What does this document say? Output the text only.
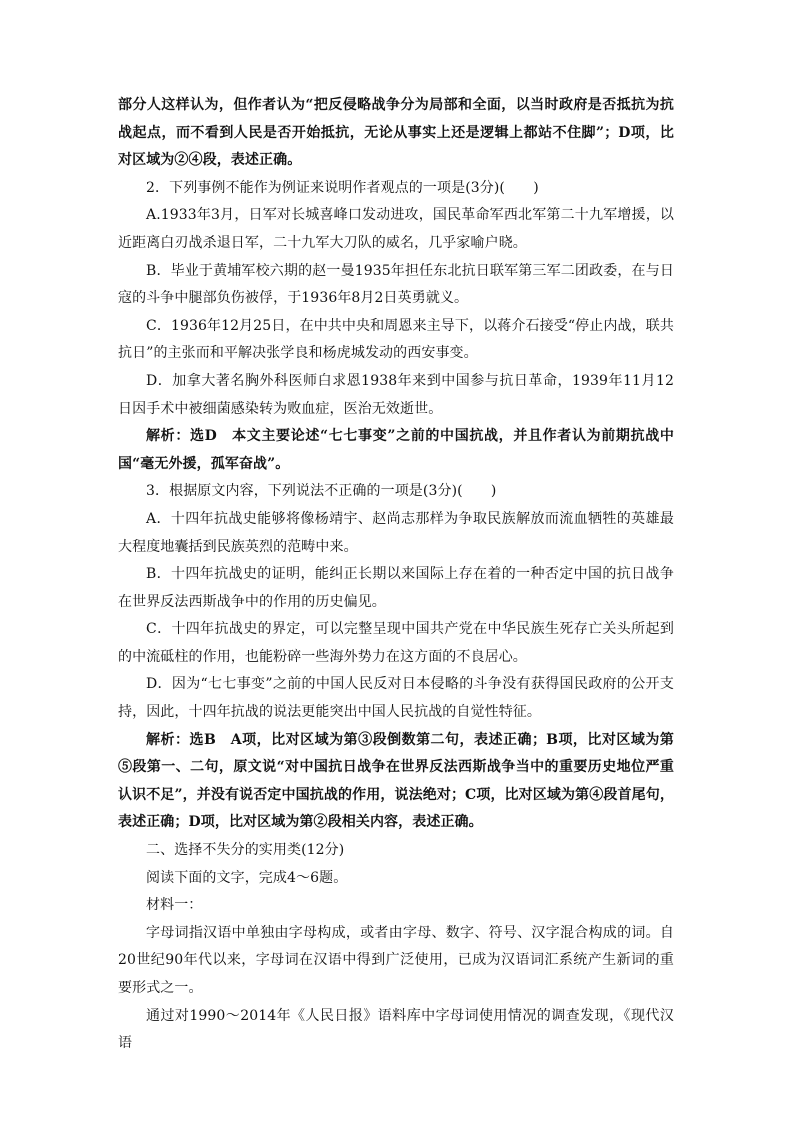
部分人这样认为，但作者认为“把反侵略战争分为局部和全面，以当时政府是否抵抗为抗战起点，而不看到人民是否开始抵抗，无论从事实上还是逻辑上都站不住脚”；D项，比对区域为②④段，表述正确。

2．下列事例不能作为例证来说明作者观点的一项是(3分)(　　)

A.1933年3月，日军对长城喜峰口发动进攻，国民革命军西北军第二十九军增援，以近距离白刃战杀退日军，二十九军大刀队的威名，几乎家喻户晓。

B．毕业于黄埔军校六期的赵一曼1935年担任东北抗日联军第三军二团政委，在与日寇的斗争中腿部负伤被俘，于1936年8月2日英勇就义。

C．1936年12月25日，在中共中央和周恩来主导下，以蒋介石接受“停止内战，联共抗日”的主张而和平解决张学良和杨虎城发动的西安事变。

D．加拿大著名胸外科医师白求恩1938年来到中国参与抗日革命，1939年11月12日因手术中被细菌感染转为败血症，医治无效逝世。

解析：选D　本文主要论述“七七事变”之前的中国抗战，并且作者认为前期抗战中国“毫无外援，孤军奋战”。

3．根据原文内容，下列说法不正确的一项是(3分)(　　)

A．十四年抗战史能够将像杨靖宇、赵尚志那样为争取民族解放而流血牺牲的英雄最大程度地囊括到民族英烈的范畴中来。

B．十四年抗战史的证明，能纠正长期以来国际上存在着的一种否定中国的抗日战争在世界反法西斯战争中的作用的历史偏见。

C．十四年抗战史的界定，可以完整呈现中国共产党在中华民族生死存亡关头所起到的中流砥柱的作用，也能粉碎一些海外势力在这方面的不良居心。

D．因为“七七事变”之前的中国人民反对日本侵略的斗争没有获得国民政府的公开支持，因此，十四年抗战的说法更能突出中国人民抗战的自觉性特征。

解析：选B　A项，比对区域为第③段倒数第二句，表述正确；B项，比对区域为第⑤段第一、二句，原文说“对中国抗日战争在世界反法西斯战争当中的重要历史地位严重认识不足”，并没有说否定中国抗战的作用，说法绝对；C项，比对区域为第④段首尾句，表述正确；D项，比对区域为第②段相关内容，表述正确。

二、选择不失分的实用类(12分)

阅读下面的文字，完成4～6题。

材料一：

字母词指汉语中单独由字母构成，或者由字母、数字、符号、汉字混合构成的词。自20世纪90年代以来，字母词在汉语中得到广泛使用，已成为汉语词汇系统产生新词的重要形式之一。

通过对1990～2014年《人民日报》语料库中字母词使用情况的调查发现，《现代汉语
